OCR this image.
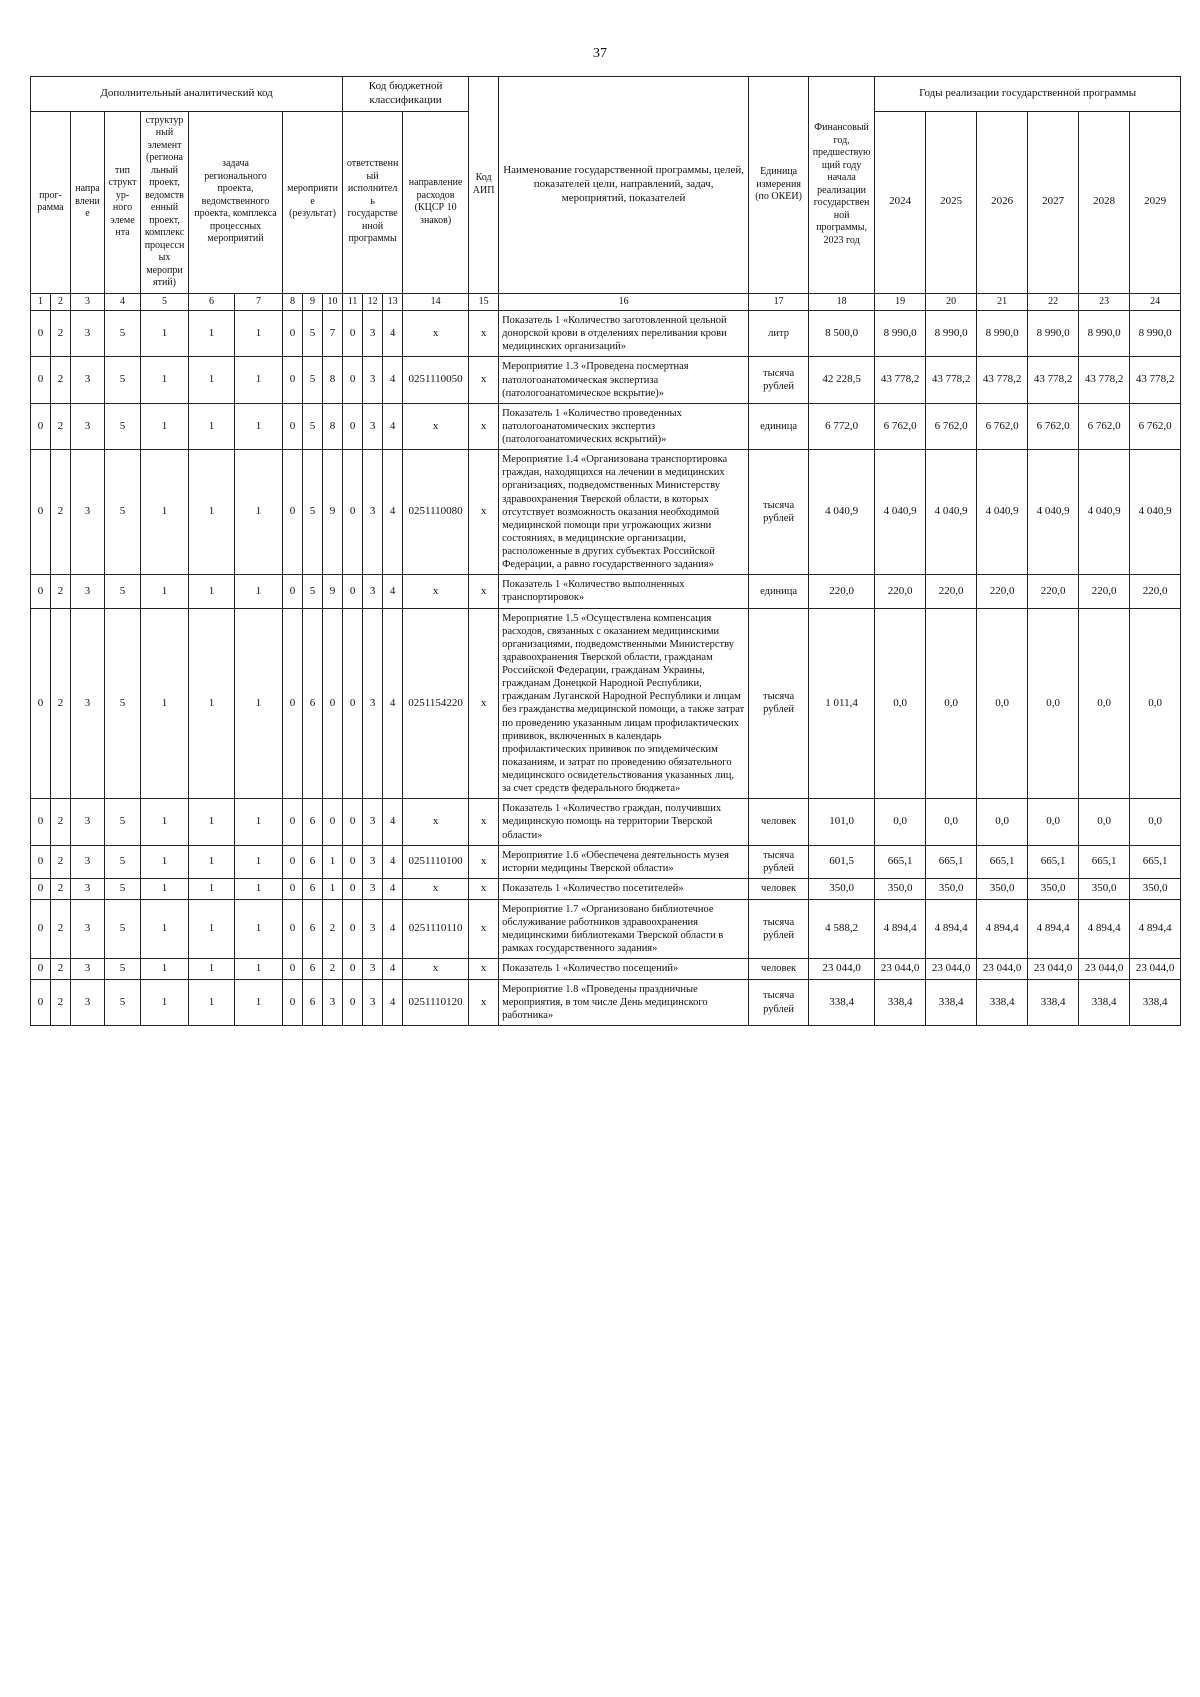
37
Дополнительный аналитический код										Код бюджетной классификации				Код АИП	Наименование государственной программы, целей, показателей цели, направлений, задач, мероприятий, показателей	Единица измерения (по ОКЕИ)	Финансовый год, предшествующий году начала реализации государственной программы, 2023 год	Годы реализации государственной программы					
прог-рамма		направление	тип структур-ного элемента	структурный элемент (региональный проект, ведомственный проект, комплекс процессных мероприятий)	задача регионального проекта, ведомственного проекта, комплекса процессных мероприятий		мероприятие (результат)			ответственный исполнитель государственной программы			направление расходов (КЦСР 10 знаков)					2024	2025	2026	2027	2028	2029
1	2	3	4	5	6	7	8	9	10	11	12	13	14	15	16	17	18	19	20	21	22	23	24
0	2	3	5	1	1	1	0	5	7	0	3	4	х	х	Показатель 1 «Количество заготовленной цельной донорской крови в отделениях переливания крови медицинских организаций»	литр	8 500,0	8 990,0	8 990,0	8 990,0	8 990,0	8 990,0	8 990,0
0	2	3	5	1	1	1	0	5	8	0	3	4	0251110050	х	Мероприятие 1.3 «Проведена посмертная патологоанатомическая экспертиза (патологоанатомическое вскрытие)»	тысяча рублей	42 228,5	43 778,2	43 778,2	43 778,2	43 778,2	43 778,2	43 778,2
0	2	3	5	1	1	1	0	5	8	0	3	4	х	х	Показатель 1 «Количество проведенных патологоанатомических экспертиз (патологоанатомических вскрытий)»	единица	6 772,0	6 762,0	6 762,0	6 762,0	6 762,0	6 762,0	6 762,0
0	2	3	5	1	1	1	0	5	9	0	3	4	0251110080	х	Мероприятие 1.4 «Организована транспортировка граждан, находящихся на лечении в медицинских организациях, подведомственных Министерству здравоохранения Тверской области, в которых отсутствует возможность оказания необходимой медицинской помощи при угрожающих жизни состояниях, в медицинские организации, расположенные в других субъектах Российской Федерации, а равно государственного задания»	тысяча рублей	4 040,9	4 040,9	4 040,9	4 040,9	4 040,9	4 040,9	4 040,9
0	2	3	5	1	1	1	0	5	9	0	3	4	х	х	Показатель 1 «Количество выполненных транспортировок»	единица	220,0	220,0	220,0	220,0	220,0	220,0	220,0
0	2	3	5	1	1	1	0	6	0	0	3	4	0251154220	х	Мероприятие 1.5 «Осуществлена компенсация расходов, связанных с оказанием медицинскими организациями, подведомственными Министерству здравоохранения Тверской области, гражданам Российской Федерации, гражданам Украины, гражданам Донецкой Народной Республики, гражданам Луганской Народной Республики и лицам без гражданства медицинской помощи, а также затрат по проведению указанным лицам профилактических прививок, включенных в календарь профилактических прививок по эпидемическим показаниям, и затрат по проведению обязательного медицинского освидетельствования указанных лиц, за счет средств федерального бюджета»	тысяча рублей	1 011,4	0,0	0,0	0,0	0,0	0,0	0,0
0	2	3	5	1	1	1	0	6	0	0	3	4	х	х	Показатель 1 «Количество граждан, получивших медицинскую помощь на территории Тверской области»	человек	101,0	0,0	0,0	0,0	0,0	0,0	0,0
0	2	3	5	1	1	1	0	6	1	0	3	4	0251110100	х	Мероприятие 1.6 «Обеспечена деятельность музея истории медицины Тверской области»	тысяча рублей	601,5	665,1	665,1	665,1	665,1	665,1	665,1
0	2	3	5	1	1	1	0	6	1	0	3	4	х	х	Показатель 1 «Количество посетителей»	человек	350,0	350,0	350,0	350,0	350,0	350,0	350,0
0	2	3	5	1	1	1	0	6	2	0	3	4	0251110110	х	Мероприятие 1.7 «Организовано библиотечное обслуживание работников здравоохранения медицинскими библиотеками Тверской области в рамках государственного задания»	тысяча рублей	4 588,2	4 894,4	4 894,4	4 894,4	4 894,4	4 894,4	4 894,4
0	2	3	5	1	1	1	0	6	2	0	3	4	х	х	Показатель 1 «Количество посещений»	человек	23 044,0	23 044,0	23 044,0	23 044,0	23 044,0	23 044,0	23 044,0
0	2	3	5	1	1	1	0	6	3	0	3	4	0251110120	х	Мероприятие 1.8 «Проведены праздничные мероприятия, в том числе День медицинского работника»	тысяча рублей	338,4	338,4	338,4	338,4	338,4	338,4	338,4
